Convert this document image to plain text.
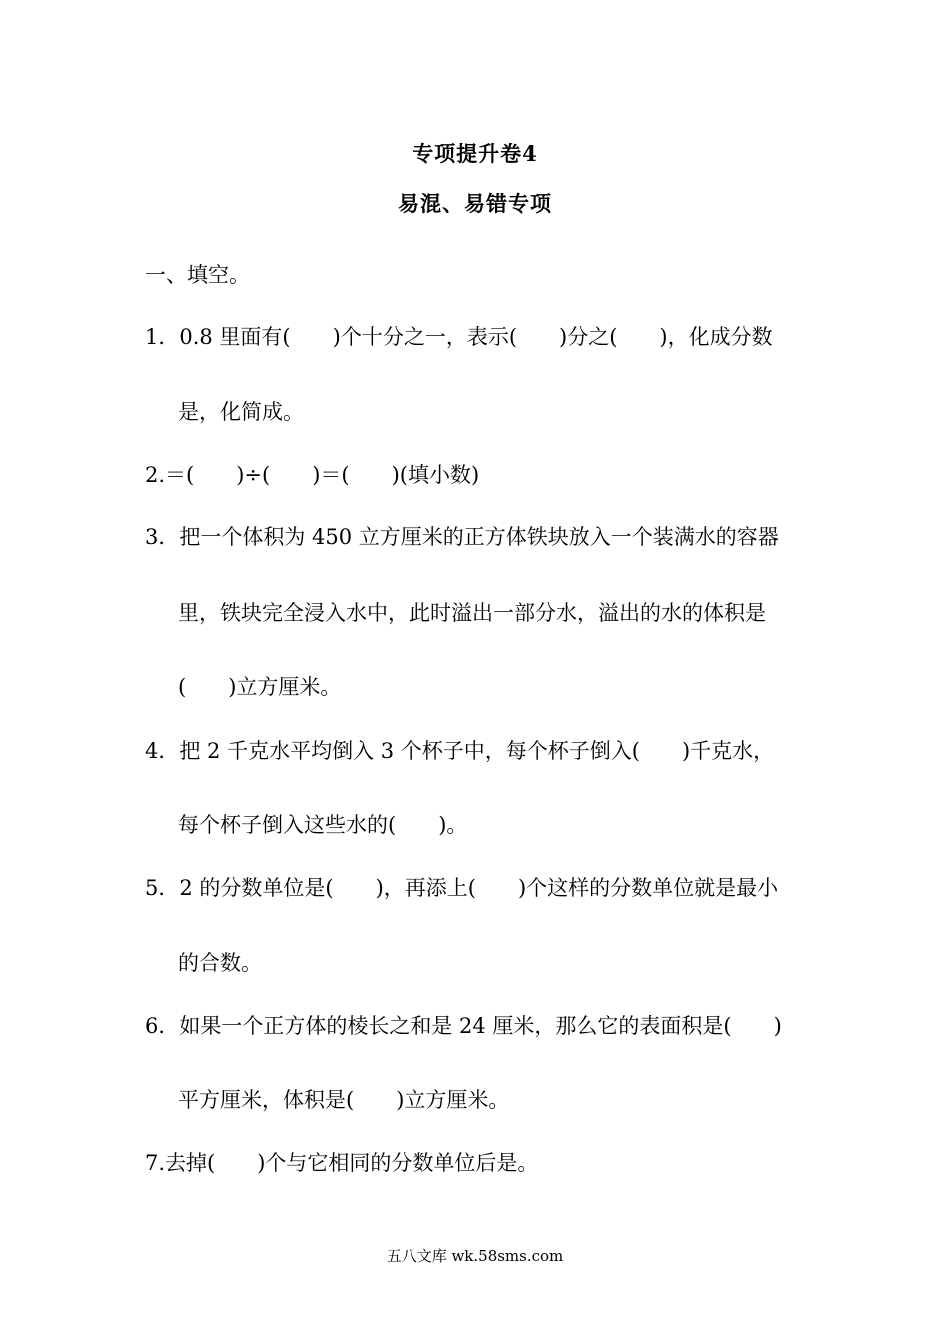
专项提升卷4
易混、易错专项
一、填空。
1．0.8 里面有(　　)个十分之一，表示(　　)分之(　　)，化成分数
是，化简成。
2.＝(　　)÷(　　)＝(　　)(填小数)
3．把一个体积为 450 立方厘米的正方体铁块放入一个装满水的容器
里，铁块完全浸入水中，此时溢出一部分水，溢出的水的体积是
(　　)立方厘米。
4．把 2 千克水平均倒入 3 个杯子中，每个杯子倒入(　　)千克水，
每个杯子倒入这些水的(　　)。
5．2 的分数单位是(　　)，再添上(　　)个这样的分数单位就是最小
的合数。
6．如果一个正方体的棱长之和是 24 厘米，那么它的表面积是(　　)
平方厘米，体积是(　　)立方厘米。
7.去掉(　　)个与它相同的分数单位后是。
五八文库 wk.58sms.com
